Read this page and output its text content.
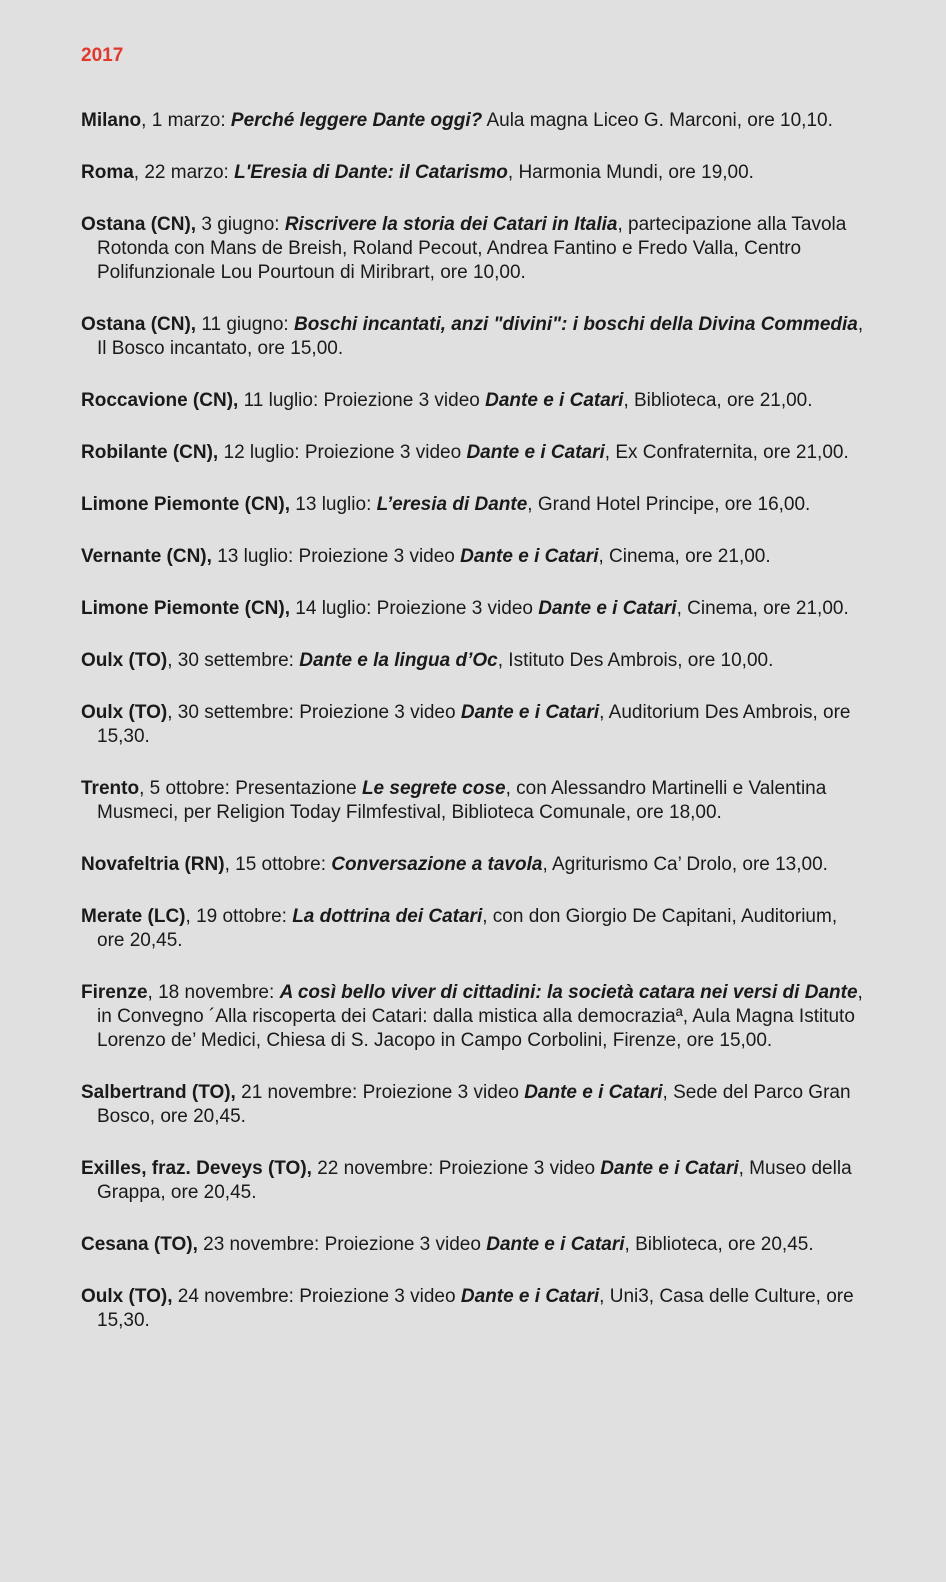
2017
Milano, 1 marzo: Perché leggere Dante oggi? Aula magna Liceo G. Marconi, ore 10,10.
Roma, 22 marzo: L'Eresia di Dante: il Catarismo, Harmonia Mundi, ore 19,00.
Ostana (CN), 3 giugno: Riscrivere la storia dei Catari in Italia, partecipazione alla Tavola Rotonda con Mans de Breish, Roland Pecout, Andrea Fantino e Fredo Valla, Centro Polifunzionale Lou Pourtoun di Miribrart, ore 10,00.
Ostana (CN), 11 giugno: Boschi incantati, anzi "divini": i boschi della Divina Commedia, Il Bosco incantato, ore 15,00.
Roccavione (CN), 11 luglio: Proiezione 3 video Dante e i Catari, Biblioteca, ore 21,00.
Robilante (CN), 12 luglio: Proiezione 3 video Dante e i Catari, Ex Confraternita, ore 21,00.
Limone Piemonte (CN), 13 luglio: L’eresia di Dante, Grand Hotel Principe, ore 16,00.
Vernante (CN), 13 luglio: Proiezione 3 video Dante e i Catari, Cinema, ore 21,00.
Limone Piemonte (CN), 14 luglio: Proiezione 3 video Dante e i Catari, Cinema, ore 21,00.
Oulx (TO), 30 settembre: Dante e la lingua d’Oc, Istituto Des Ambrois, ore 10,00.
Oulx (TO), 30 settembre: Proiezione 3 video Dante e i Catari, Auditorium Des Ambrois, ore 15,30.
Trento, 5 ottobre: Presentazione Le segrete cose, con Alessandro Martinelli e Valentina Musmeci, per Religion Today Filmfestival, Biblioteca Comunale, ore 18,00.
Novafeltria (RN), 15 ottobre: Conversazione a tavola, Agriturismo Ca’ Drolo, ore 13,00.
Merate (LC), 19 ottobre: La dottrina dei Catari, con don Giorgio De Capitani, Auditorium, ore 20,45.
Firenze, 18 novembre: A così bello viver di cittadini: la società catara nei versi di Dante, in Convegno ´Alla riscoperta dei Catari: dalla mistica alla democraziaª, Aula Magna Istituto Lorenzo de’ Medici, Chiesa di S. Jacopo in Campo Corbolini, Firenze, ore 15,00.
Salbertrand (TO), 21 novembre: Proiezione 3 video Dante e i Catari, Sede del Parco Gran Bosco, ore 20,45.
Exilles, fraz. Deveys (TO), 22 novembre: Proiezione 3 video Dante e i Catari, Museo della Grappa, ore 20,45.
Cesana (TO), 23 novembre: Proiezione 3 video Dante e i Catari, Biblioteca, ore 20,45.
Oulx (TO), 24 novembre: Proiezione 3 video Dante e i Catari, Uni3, Casa delle Culture, ore 15,30.
